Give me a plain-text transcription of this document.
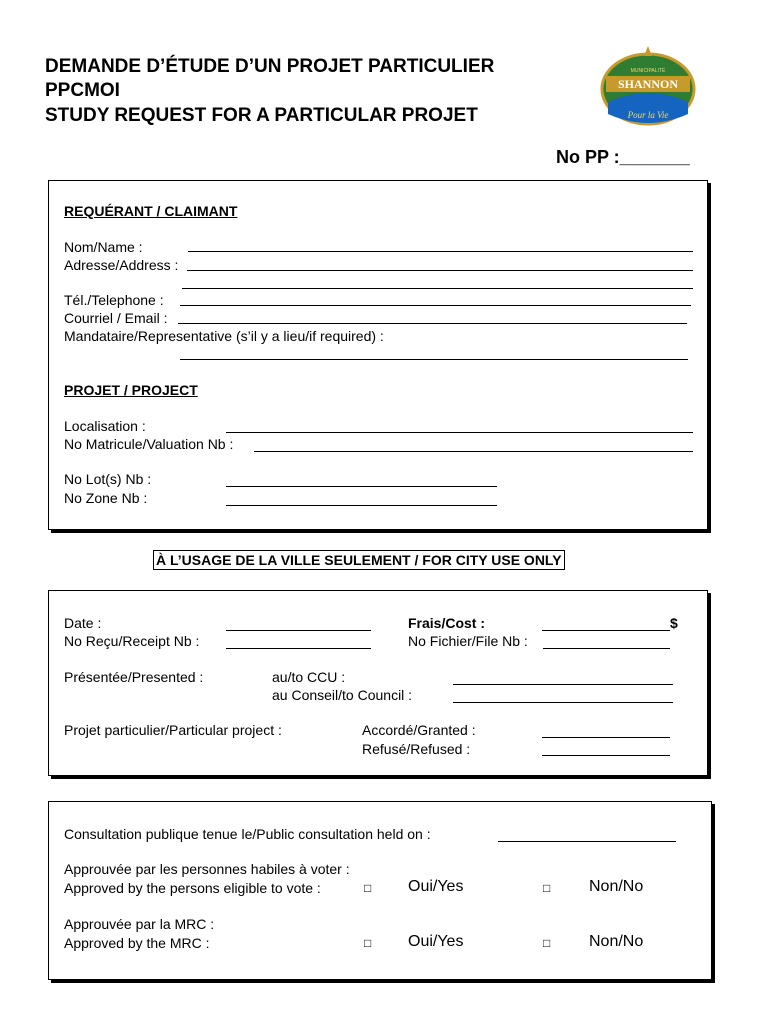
DEMANDE D’ÉTUDE D’UN PROJET PARTICULIER
PPCMOI
STUDY REQUEST FOR A PARTICULAR PROJET
SHANNON
Pour la Vie
MUNICIPALITÉ
No PP :_______
REQUÉRANT / CLAIMANT
Nom/Name :
Adresse/Address :
Tél./Telephone :
Courriel / Email :
Mandataire/Representative (s’il y a lieu/if required) :
PROJET / PROJECT
Localisation :
No Matricule/Valuation Nb :
No Lot(s) Nb :
No Zone Nb :
À L’USAGE DE LA VILLE SEULEMENT / FOR CITY USE ONLY
Date :
No Reçu/Receipt Nb :
Frais/Cost :	$
No Fichier/File Nb :
Présentée/Presented :	au/to CCU :
au Conseil/to Council :
Projet particulier/Particular project :	Accordé/Granted :
Refusé/Refused :
Consultation publique tenue le/Public consultation held on :
Approuvée par les personnes habiles à voter :
Approved by the persons eligible to vote :	□ Oui/Yes	□ Non/No
Approuvée par la MRC :
Approved by the MRC :	□ Oui/Yes	□ Non/No
